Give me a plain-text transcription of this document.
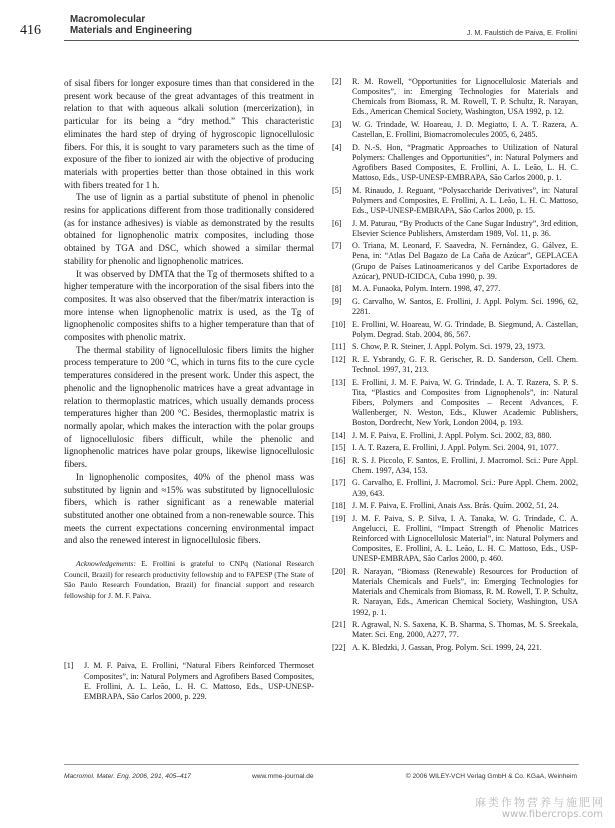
416
Macromolecular
Materials and Engineering	J. M. Faulstich de Paiva, E. Frollini

of sisal fibers for longer exposure times than that considered in the present work because of the great advantages of this treatment in relation to that with aqueous alkali solution (mercerization), in particular for its being a “dry method.” This characteristic eliminates the hard step of drying of hygroscopic lignocellulosic fibers. For this, it is sought to vary parameters such as the time of exposure of the fiber to ionized air with the objective of producing materials with properties better than those obtained in this work with fibers treated for 1 h.

The use of lignin as a partial substitute of phenol in phenolic resins for applications different from those traditionally considered (as for instance adhesives) is viable as demonstrated by the results obtained for lignophenolic matrix composites, including those obtained by TGA and DSC, which showed a similar thermal stability for phenolic and lignophenolic matrices.

It was observed by DMTA that the Tg of thermosets shifted to a higher temperature with the incorporation of the sisal fibers into the composites. It was also observed that the fiber/matrix interaction is more intense when lignophenolic matrix is used, as the Tg of lignophenolic composites shifts to a higher temperature than that of composites with phenolic matrix.

The thermal stability of lignocellulosic fibers limits the higher process temperature to 200 °C, which in turns fits to the cure cycle temperatures considered in the present work. Under this aspect, the phenolic and the lignophenolic matrices have a great advantage in relation to thermoplastic matrices, which usually demands process temperatures higher than 200 °C. Besides, thermoplastic matrix is normally apolar, which makes the interaction with the polar groups of lignocellulosic fibers difficult, while the phenolic and lignophenolic matrices have polar groups, likewise lignocellulosic fibers.

In lignophenolic composites, 40% of the phenol mass was substituted by lignin and ≈15% was substituted by lignocellulosic fibers, which is rather significant as a renewable material substituted another one obtained from a non-renewable source. This meets the current expectations concerning environmental impact and also the renewed interest in lignocellulosic fibers.

Acknowledgements: E. Frollini is grateful to CNPq (National Research Council, Brazil) for research productivity fellowship and to FAPESP (The State of São Paulo Research Foundation, Brazil) for financial support and research fellowship for J. M. F. Paiva.

[1]	J. M. F. Paiva, E. Frollini, “Natural Fibers Reinforced Thermoset Composites”, in: Natural Polymers and Agrofibers Based Composites, E. Frollini, A. L. Leão, L. H. C. Mattoso, Eds., USP-UNESP-EMBRAPA, São Carlos 2000, p. 229.
[2]	R. M. Rowell, “Opportunities for Lignocellulosic Materials and Composites”, in: Emerging Technologies for Materials and Chemicals from Biomass, R. M. Rowell, T. P. Schultz, R. Narayan, Eds., American Chemical Society, Washington, USA 1992, p. 12.
[3]	W. G. Trindade, W. Hoareau, J. D. Megiatto, I. A. T. Razera, A. Castellan, E. Frollini, Biomacromolecules 2005, 6, 2485.
[4]	D. N.-S. Hon, “Pragmatic Approaches to Utilization of Natural Polymers: Challenges and Opportunities”, in: Natural Polymers and Agrofibers Based Composites, E. Frollini, A. L. Leão, L. H. C. Mattoso, Eds., USP-UNESP-EMBRAPA, São Carlos 2000, p. 1.
[5]	M. Rinaudo, J. Reguant, “Polysaccharide Derivatives”, in: Natural Polymers and Composites, E. Frollini, A. L. Leão, L. H. C. Mattoso, Eds., USP-UNESP-EMBRAPA, São Carlos 2000, p. 15.
[6]	J. M. Paturau, “By Products of the Cane Sugar Industry”, 3rd edition, Elsevier Science Publishers, Amsterdam 1989, Vol. 11, p. 36.
[7]	O. Triana, M. Leonard, F. Saavedra, N. Fernández, G. Gálvez, E. Pena, in: “Atlas Del Bagazo de La Caña de Azúcar”, GEPLACEA (Grupo de Países Latinoamericanos y del Caribe Exportadores de Azúcar), PNUD-ICIDCA, Cuba 1990, p. 39.
[8]	M. A. Funaoka, Polym. Intern. 1998, 47, 277.
[9]	G. Carvalho, W. Santos, E. Frollini, J. Appl. Polym. Sci. 1996, 62, 2281.
[10] E. Frollini, W. Hoareau, W. G. Trindade, B. Siegmund, A. Castellan, Polym. Degrad. Stab. 2004, 86, 567.
[11] S. Chow, P. R. Steiner, J. Appl. Polym. Sci. 1979, 23, 1973.
[12] R. E. Ysbrandy, G. F. R. Gerischer, R. D. Sanderson, Cell. Chem. Technol. 1997, 31, 213.
[13] E. Frollini, J. M. F. Paiva, W. G. Trindade, I. A. T. Razera, S. P. S. Tita, “Plastics and Composites from Lignophenols”, in: Natural Fibers, Polymers and Composites – Recent Advances, F. Wallenberger, N. Weston, Eds., Kluwer Academic Publishers, Boston, Dordrecht, New York, London 2004, p. 193.
[14] J. M. F. Paiva, E. Frollini, J. Appl. Polym. Sci. 2002, 83, 880.
[15] I. A. T. Razera, E. Frollini, J. Appl. Polym. Sci. 2004, 91, 1077.
[16] R. S. J. Piccolo, F. Santos, E. Frollini, J. Macromol. Sci.: Pure Appl. Chem. 1997, A34, 153.
[17] G. Carvalho, E. Frollini, J. Macromol. Sci.: Pure Appl. Chem. 2002, A39, 643.
[18] J. M. F. Paiva, E. Frollini, Anais Ass. Brás. Quím. 2002, 51, 24.
[19] J. M. F. Paiva, S. P. Silva, I. A. Tanaka, W. G. Trindade, C. A. Angelucci, E. Frollini, “Impact Strength of Phenolic Matrices Reinforced with Lignocellulosic Material”, in: Natural Polymers and Composites, E. Frollini, A. L. Leão, L. H. C. Mattoso, Eds., USP-UNESP-EMBRAPA, São Carlos 2000, p. 460.
[20] R. Narayan, “Biomass (Renewable) Resources for Production of Materials Chemicals and Fuels”, in: Emerging Technologies for Materials and Chemicals from Biomass, R. M. Rowell, T. P. Schultz, R. Narayan, Eds., American Chemical Society, Washington, USA 1992, p. 1.
[21] R. Agrawal, N. S. Saxena, K. B. Sharma, S. Thomas, M. S. Sreekala, Mater. Sci. Eng. 2000, A277, 77.
[22] A. K. Bledzki, J. Gassan, Prog. Polym. Sci. 1999, 24, 221.
Macromol. Mater. Eng. 2006, 291, 405–417	www.mme-journal.de	© 2006 WILEY-VCH Verlag GmbH & Co. KGaA, Weinheim
麻类作物营养与施肥网
www.fibercrops.com
